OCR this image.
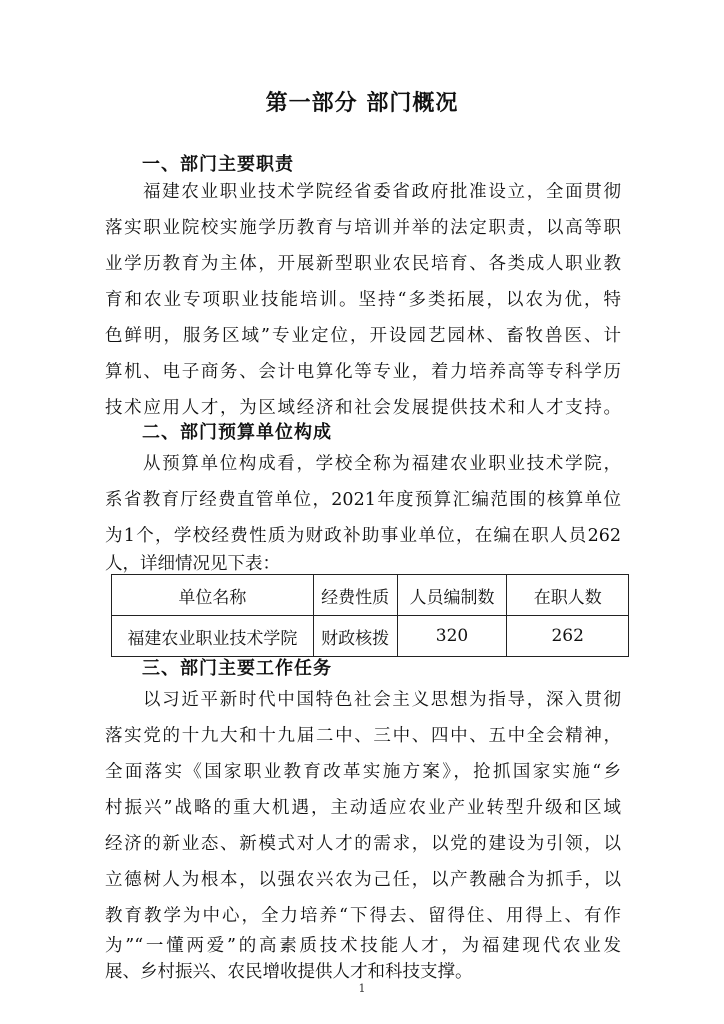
第一部分 部门概况
一、部门主要职责

福建农业职业技术学院经省委省政府批准设立，全面贯彻

落实职业院校实施学历教育与培训并举的法定职责，以高等职

业学历教育为主体，开展新型职业农民培育、各类成人职业教

育和农业专项职业技能培训。坚持“多类拓展，以农为优，特

色鲜明，服务区域”专业定位，开设园艺园林、畜牧兽医、计

算机、电子商务、会计电算化等专业，着力培养高等专科学历

技术应用人才，为区域经济和社会发展提供技术和人才支持。

二、部门预算单位构成

从预算单位构成看，学校全称为福建农业职业技术学院，

系省教育厅经费直管单位，2021年度预算汇编范围的核算单位

为1个，学校经费性质为财政补助事业单位，在编在职人员262

人，详细情况见下表：

单位名称	经费性质	人员编制数	在职人数
福建农业职业技术学院	财政核拨	320	262
三、部门主要工作任务

以习近平新时代中国特色社会主义思想为指导，深入贯彻

落实党的十九大和十九届二中、三中、四中、五中全会精神，

全面落实《国家职业教育改革实施方案》，抢抓国家实施“乡

村振兴”战略的重大机遇，主动适应农业产业转型升级和区域

经济的新业态、新模式对人才的需求，以党的建设为引领，以

立德树人为根本，以强农兴农为己任，以产教融合为抓手，以

教育教学为中心，全力培养“下得去、留得住、用得上、有作

为”“一懂两爱”的高素质技术技能人才，为福建现代农业发

展、乡村振兴、农民增收提供人才和科技支撑。

1
